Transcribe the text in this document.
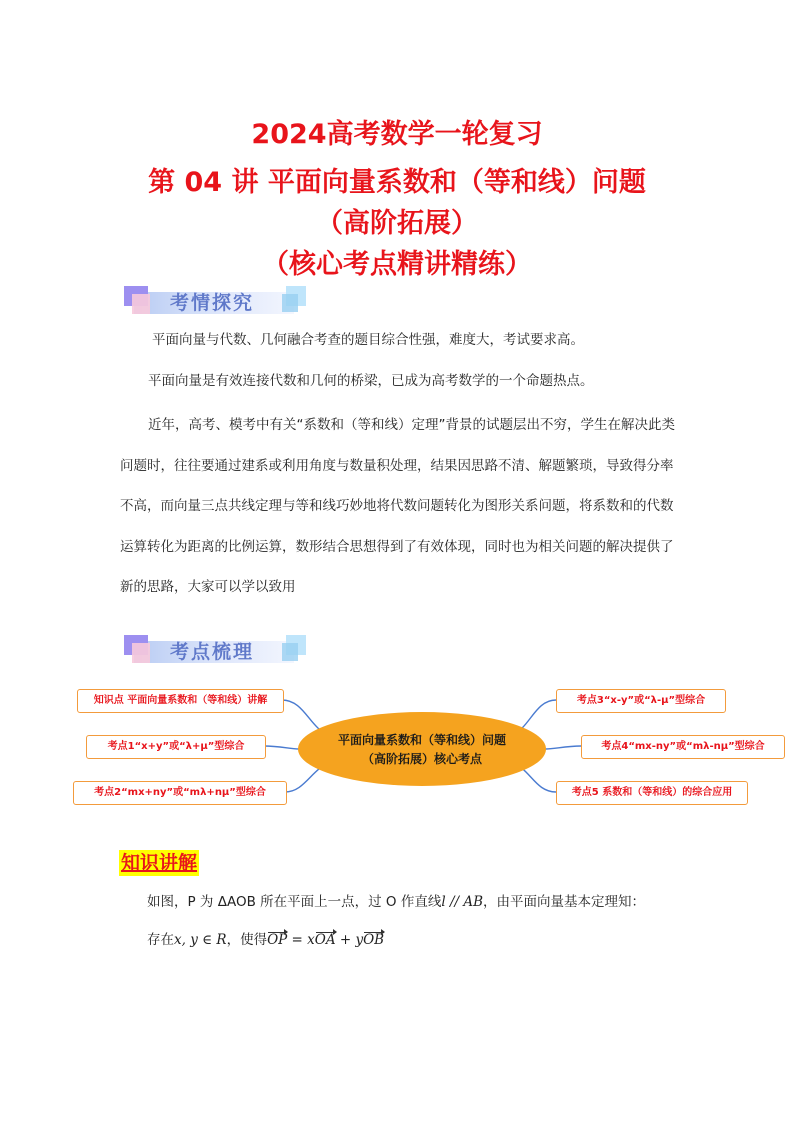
2024高考数学一轮复习
第 04 讲 平面向量系数和（等和线）问题
（高阶拓展）
（核心考点精讲精练）
考情探究
平面向量与代数、几何融合考查的题目综合性强，难度大，考试要求高。
平面向量是有效连接代数和几何的桥梁，已成为高考数学的一个命题热点。
近年，高考、模考中有关“系数和（等和线）定理”背景的试题层出不穷，学生在解决此类问题时，往往要通过建系或利用角度与数量积处理，结果因思路不清、解题繁琐，导致得分率不高，而向量三点共线定理与等和线巧妙地将代数问题转化为图形关系问题，将系数和的代数运算转化为距离的比例运算，数形结合思想得到了有效体现，同时也为相关问题的解决提供了新的思路，大家可以学以致用
考点梳理
知识点 平面向量系数和（等和线）讲解
考点1“x+y”或“λ+μ”型综合
考点2“mx+ny”或“mλ+nμ”型综合
考点3“x-y”或“λ-μ”型综合
考点4“mx-ny”或“mλ-nμ”型综合
考点5 系数和（等和线）的综合应用
平面向量系数和（等和线）问题
（高阶拓展）核心考点
知识讲解
如图，P 为 ΔAOB 所在平面上一点，过 O 作直线l // AB，由平面向量基本定理知：
存在x, y ∈ R，使得OP = xOA + yOB
